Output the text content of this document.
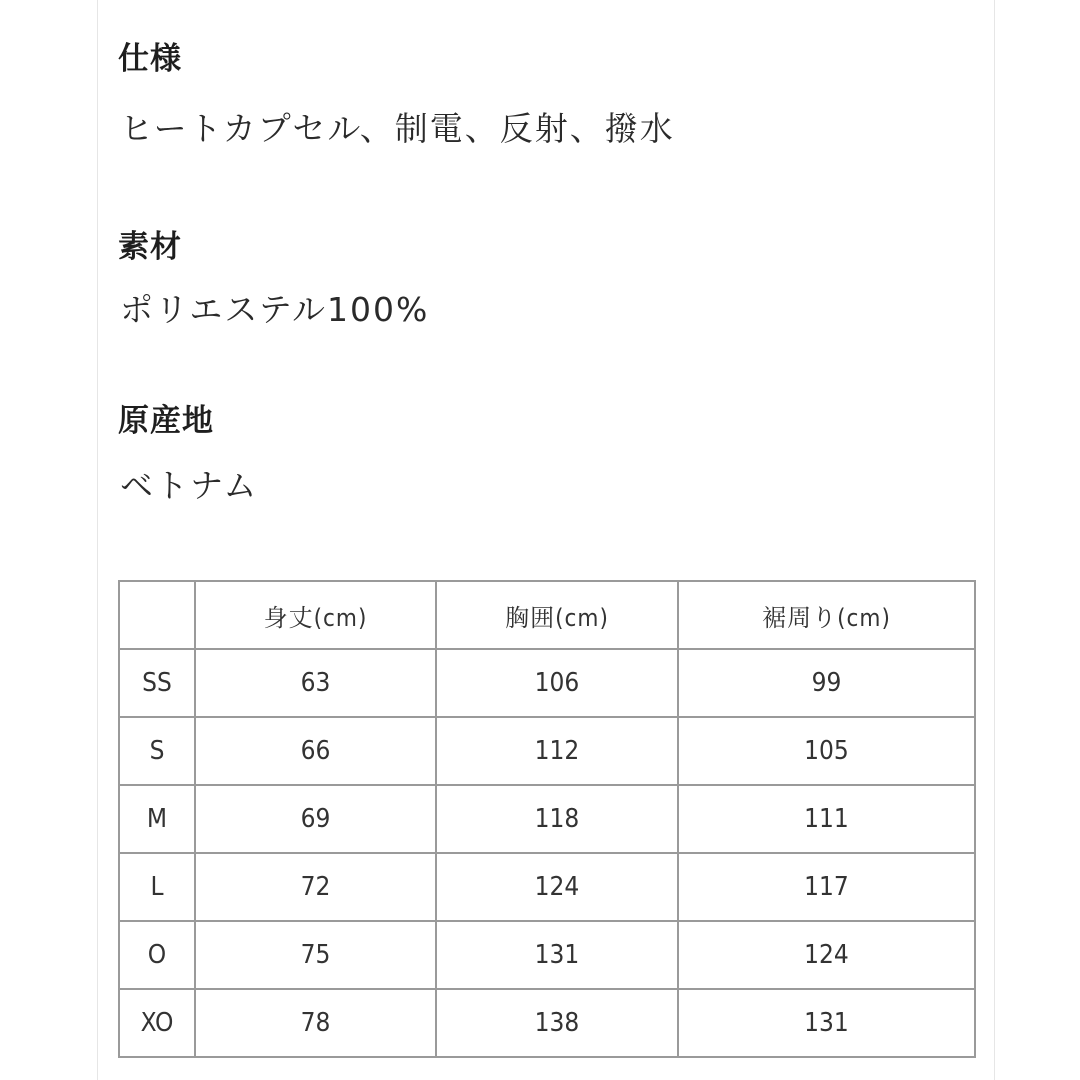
仕様

ヒートカプセル、制電、反射、撥水

素材

ポリエステル100%

原産地

ベトナム

	身丈(cm)	胸囲(cm)	裾周り(cm)
SS	63	106	99
S	66	112	105
M	69	118	111
L	72	124	117
O	75	131	124
XO	78	138	131
